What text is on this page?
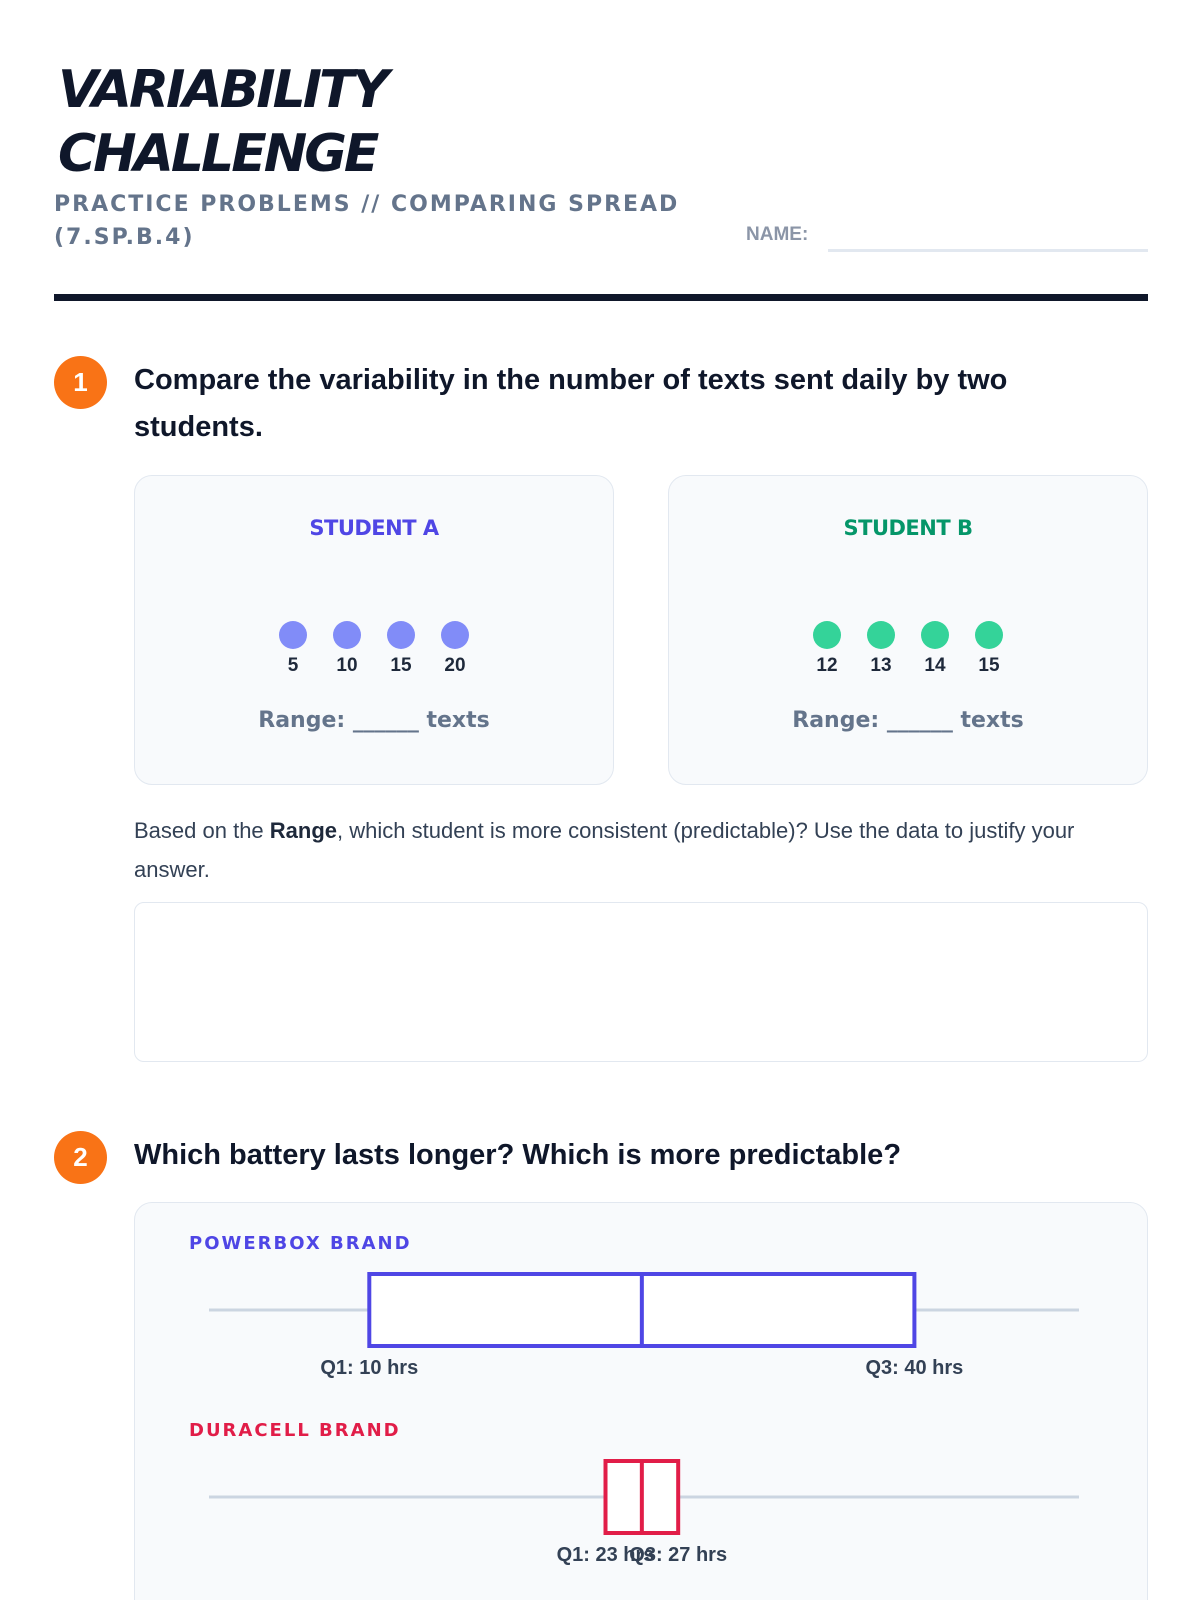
VARIABILITY
CHALLENGE
PRACTICE PROBLEMS // COMPARING SPREAD (7.SP.B.4)	NAME:
1	Compare the variability in the number of texts sent daily by two students.
STUDENT A
5 10 15 20
Range: ______ texts
STUDENT B
12 13 14 15
Range: ______ texts
Based on the Range, which student is more consistent (predictable)? Use the data to justify your answer.
2	Which battery lasts longer? Which is more predictable?
POWERBOX BRAND
Q1: 10 hrs	Q3: 40 hrs
DURACELL BRAND
Q1: 23 hrs
Q3: 27 hrs
